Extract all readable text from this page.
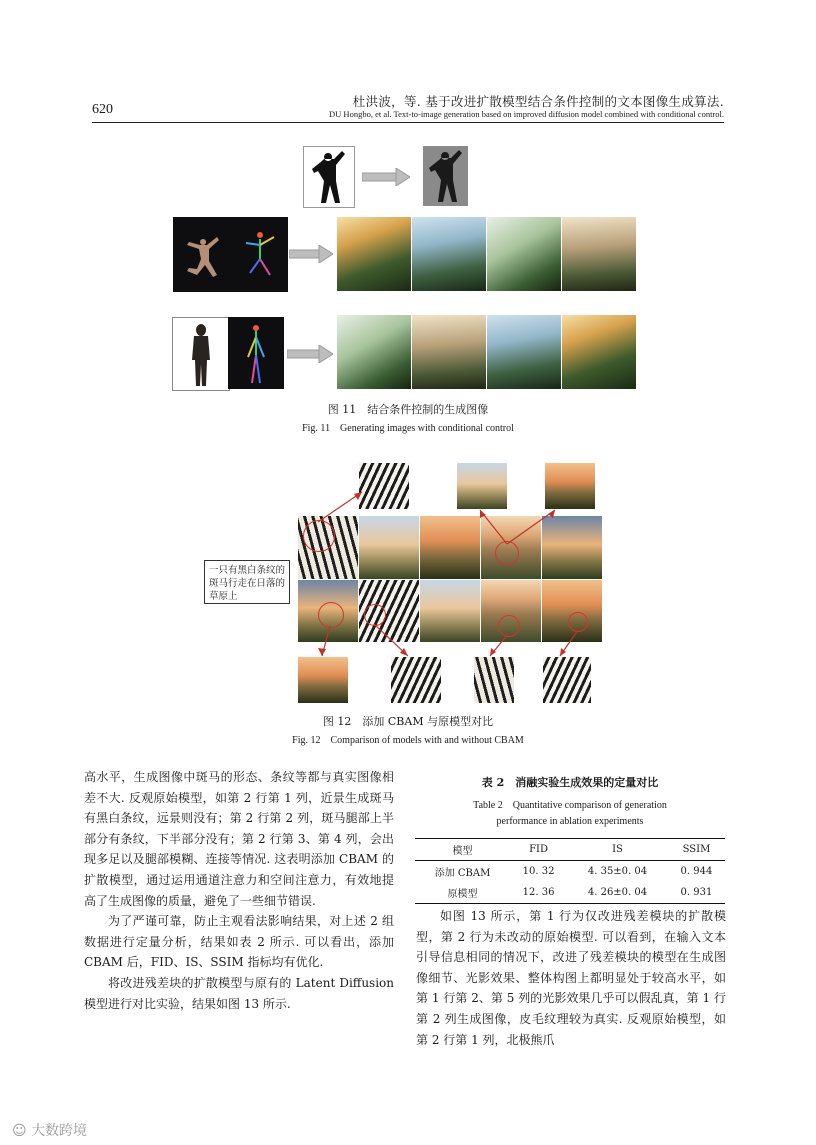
620
杜洪波，等. 基于改进扩散模型结合条件控制的文本图像生成算法.
DU Hongbo, et al. Text-to-image generation based on improved diffusion model combined with conditional control.
图 11　结合条件控制的生成图像
Fig. 11　Generating images with conditional control
一只有黑白条纹的斑马行走在日落的草原上
图 12　添加 CBAM 与原模型对比
Fig. 12　Comparison of models with and without CBAM

高水平，生成图像中斑马的形态、条纹等都与真实图像相差不大. 反观原始模型，如第 2 行第 1 列，近景生成斑马有黑白条纹，远景则没有；第 2 行第 2 列，斑马腿部上半部分有条纹，下半部分没有；第 2 行第 3、第 4 列，会出现多足以及腿部模糊、连接等情况. 这表明添加 CBAM 的扩散模型，通过运用通道注意力和空间注意力，有效地提高了生成图像的质量，避免了一些细节错误.

为了严谨可靠，防止主观看法影响结果，对上述 2 组数据进行定量分析，结果如表 2 所示. 可以看出，添加 CBAM 后，FID、IS、SSIM 指标均有优化.

将改进残差块的扩散模型与原有的 Latent Diffusion 模型进行对比实验，结果如图 13 所示.

表 2　消融实验生成效果的定量对比
Table 2　Quantitative comparison of generation
performance in ablation experiments
模型	FID	IS	SSIM
添加 CBAM	10. 32	4. 35±0. 04	0. 944
原模型	12. 36	4. 26±0. 04	0. 931

如图 13 所示，第 1 行为仅改进残差模块的扩散模型，第 2 行为未改动的原始模型. 可以看到，在输入文本引导信息相同的情况下，改进了残差模块的模型在生成图像细节、光影效果、整体构图上都明显处于较高水平，如第 1 行第 2、第 5 列的光影效果几乎可以假乱真，第 1 行第 2 列生成图像，皮毛纹理较为真实. 反观原始模型，如第 2 行第 1 列，北极熊爪

☺ 大数跨境
